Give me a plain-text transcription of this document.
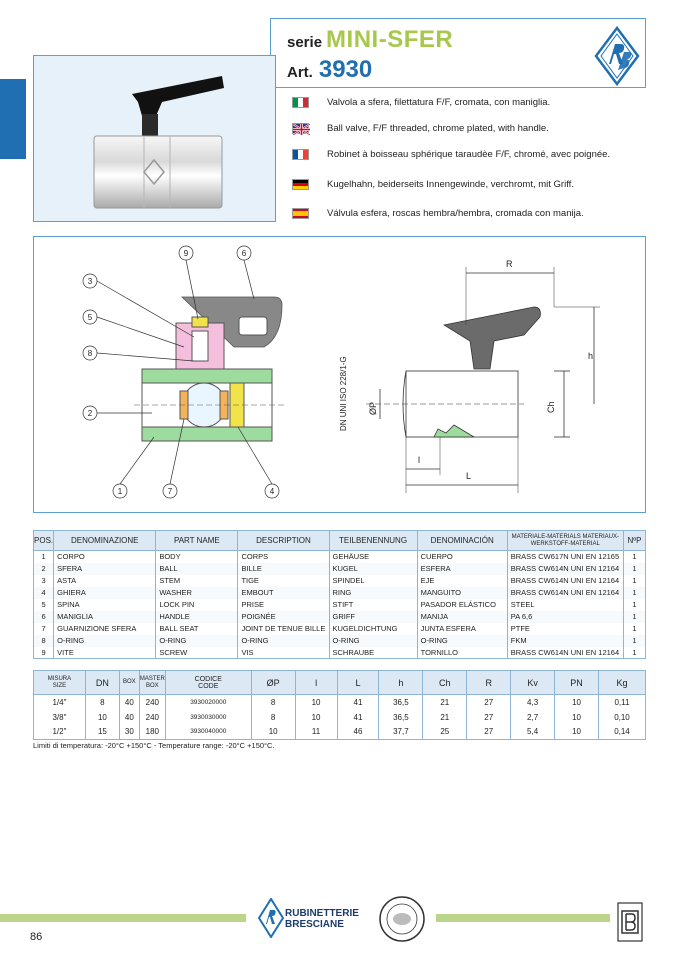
serie MINI-SFER
Art. 3930
Valvola a sfera, filettatura F/F, cromata, con maniglia.
Ball valve, F/F threaded, chrome plated, with handle.
Robinet à boisseau sphérique taraudèe F/F, chromé, avec poignée.
Kugelhahn, beiderseits Innengewinde, verchromt, mit Griff.
Válvula esfera, roscas hembra/hembra, cromada con manija.
9	6
3
5
8
2
1	7	4
DN UNI ISO 228/1-G
R
h
Ch
ØP
l
L
POS.	DENOMINAZIONE	PART NAME	DESCRIPTION	TEILBENENNUNG	DENOMINACIÓN	MATERIALE-MATERIALS MATERIAUX-WERKSTOFF-MATERIAL	NºP
1	CORPO	BODY	CORPS	GEHÄUSE	CUERPO	BRASS CW617N UNI EN 12165	1
2	SFERA	BALL	BILLE	KUGEL	ESFERA	BRASS CW614N UNI EN 12164	1
3	ASTA	STEM	TIGE	SPINDEL	EJE	BRASS CW614N UNI EN 12164	1
4	GHIERA	WASHER	EMBOUT	RING	MANGUITO	BRASS CW614N UNI EN 12164	1
5	SPINA	LOCK PIN	PRISE	STIFT	PASADOR ELÁSTICO	STEEL	1
6	MANIGLIA	HANDLE	POIGNÉE	GRIFF	MANIJA	PA 6,6	1
7	GUARNIZIONE SFERA	BALL SEAT	JOINT DE TENUE BILLE	KUGELDICHTUNG	JUNTA ESFERA	PTFE	1
8	O-RING	O-RING	O-RING	O-RING	O-RING	FKM	1
9	VITE	SCREW	VIS	SCHRAUBE	TORNILLO	BRASS CW614N UNI EN 12164	1
MISURA
SIZE	DN	BOX	MASTER
BOX	CODICE
CODE	ØP	l	L	h	Ch	R	Kv	PN	Kg
1/4"	8	40	240	3930020000	8	10	41	36,5	21	27	4,3	10	0,11
3/8"	10	40	240	3930030000	8	10	41	36,5	21	27	2,7	10	0,10
1/2"	15	30	180	3930040000	10	11	46	37,7	25	27	5,4	10	0,14
Limiti di temperatura: -20°C +150°C - Temperature range: -20°C +150°C.
RUBINETTERIE
BRESCIANE
86
